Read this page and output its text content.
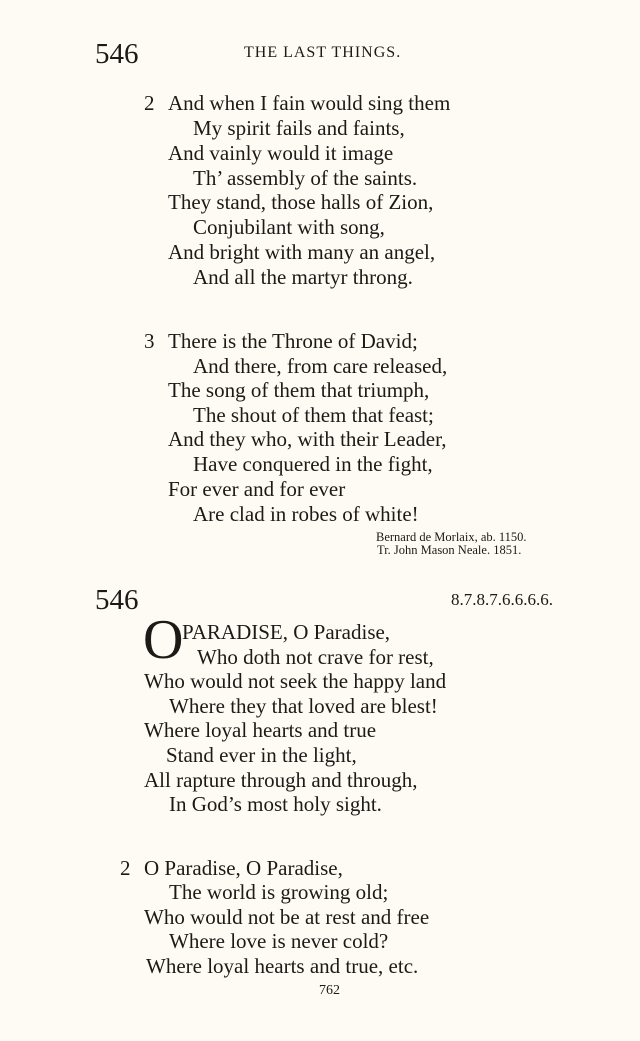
546	THE LAST THINGS.
2 And when I fain would sing them
My spirit fails and faints,
And vainly would it image
Th’ assembly of the saints.
They stand, those halls of Zion,
Conjubilant with song,
And bright with many an angel,
And all the martyr throng.
3 There is the Throne of David;
And there, from care released,
The song of them that triumph,
The shout of them that feast;
And they who, with their Leader,
Have conquered in the fight,
For ever and for ever
Are clad in robes of white!
Bernard de Morlaix, ab. 1150.
Tr. John Mason Neale. 1851.
546	8.7.8.7.6.6.6.6.
O
PARADISE, O Paradise,
Who doth not crave for rest,
Who would not seek the happy land
Where they that loved are blest!
Where loyal hearts and true
Stand ever in the light,
All rapture through and through,
In God’s most holy sight.
2 O Paradise, O Paradise,
The world is growing old;
Who would not be at rest and free
Where love is never cold?
Where loyal hearts and true, etc.
762
